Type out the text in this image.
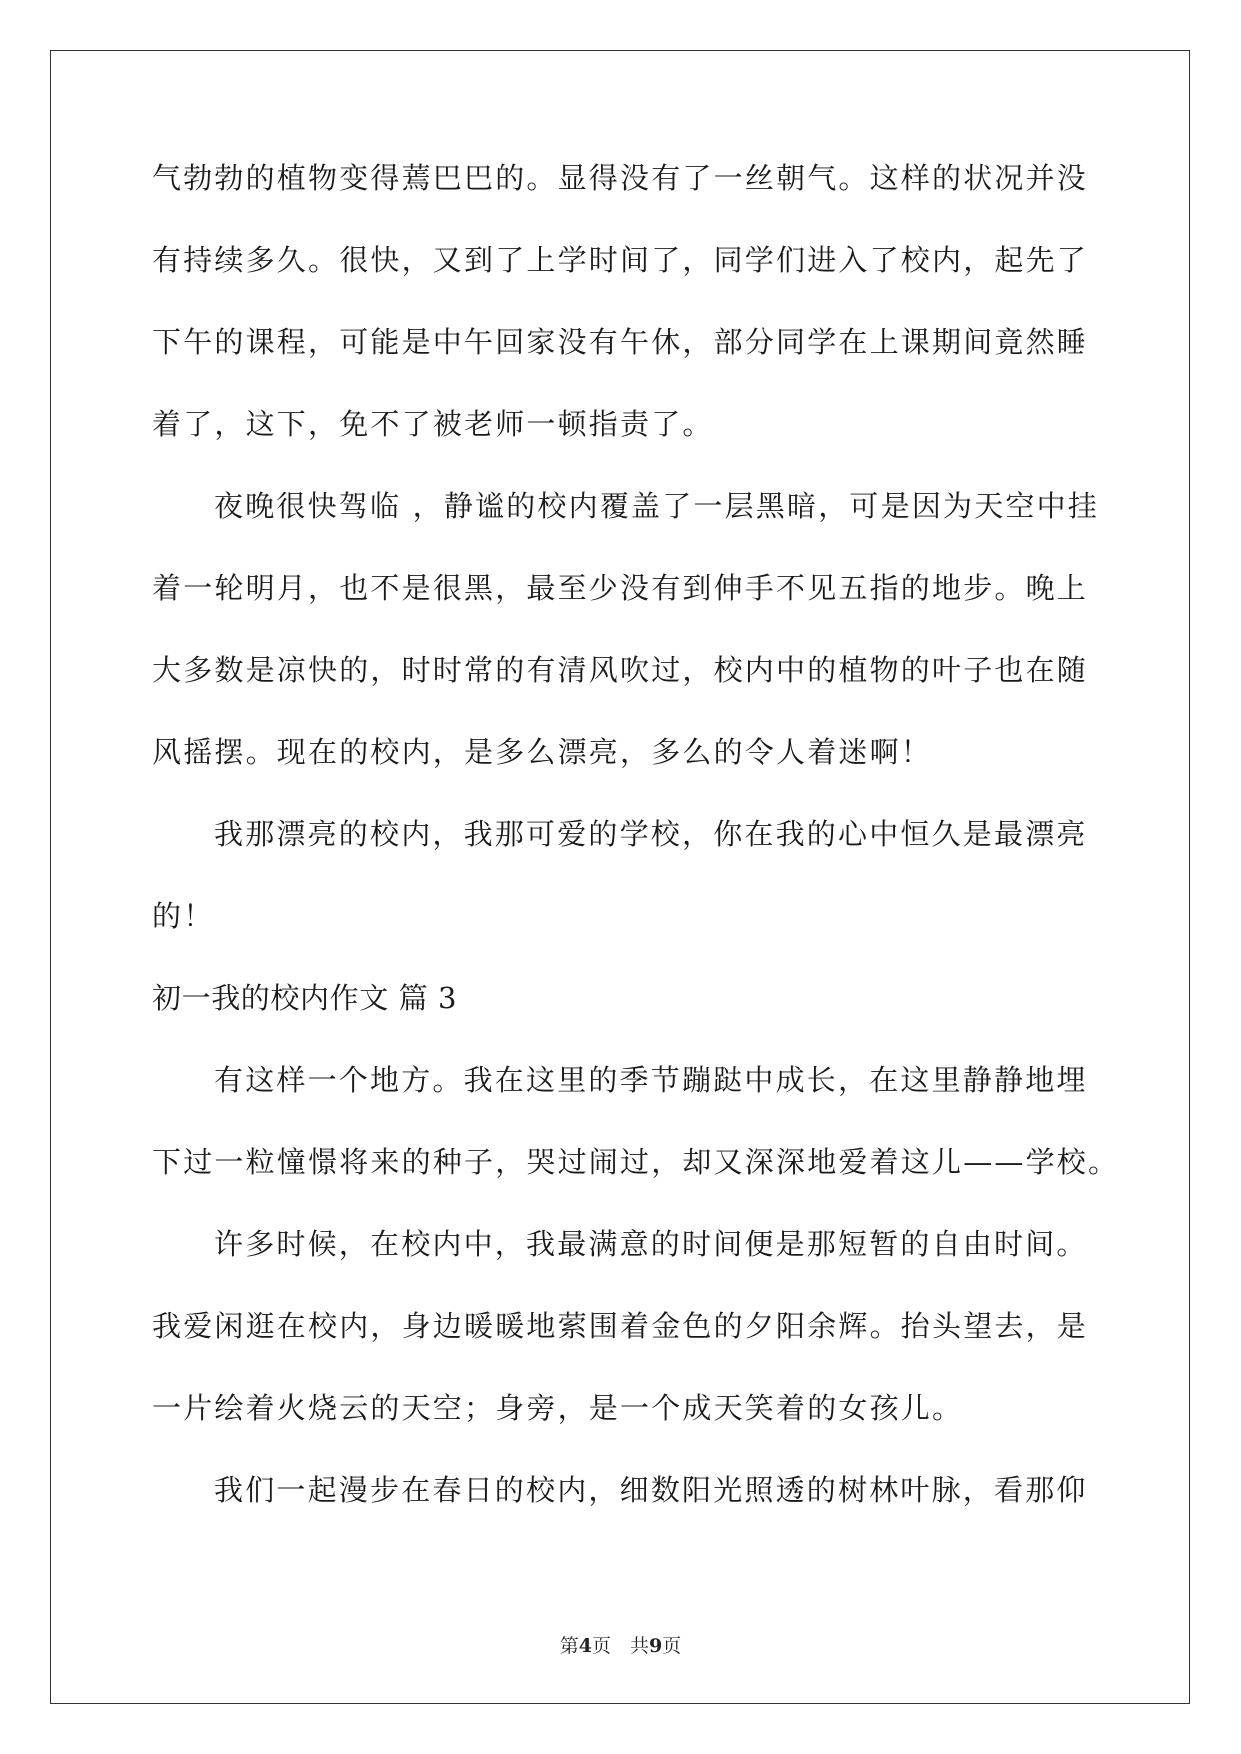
气勃勃的植物变得蔫巴巴的。显得没有了一丝朝气。这样的状况并没

有持续多久。很快，又到了上学时间了，同学们进入了校内，起先了

下午的课程，可能是中午回家没有午休，部分同学在上课期间竟然睡

着了，这下，免不了被老师一顿指责了。

夜晚很快驾临 ，静谧的校内覆盖了一层黑暗，可是因为天空中挂

着一轮明月，也不是很黑，最至少没有到伸手不见五指的地步。晚上

大多数是凉快的，时时常的有清风吹过，校内中的植物的叶子也在随

风摇摆。现在的校内，是多么漂亮，多么的令人着迷啊！

我那漂亮的校内，我那可爱的学校，你在我的心中恒久是最漂亮

的！

初一我的校内作文 篇 3

有这样一个地方。我在这里的季节蹦跶中成长，在这里静静地埋

下过一粒憧憬将来的种子，哭过闹过，却又深深地爱着这儿——学校。

许多时候，在校内中，我最满意的时间便是那短暂的自由时间。

我爱闲逛在校内，身边暖暖地萦围着金色的夕阳余辉。抬头望去，是

一片绘着火烧云的天空；身旁，是一个成天笑着的女孩儿。

我们一起漫步在春日的校内，细数阳光照透的树林叶脉，看那仰

第4页　共9页
